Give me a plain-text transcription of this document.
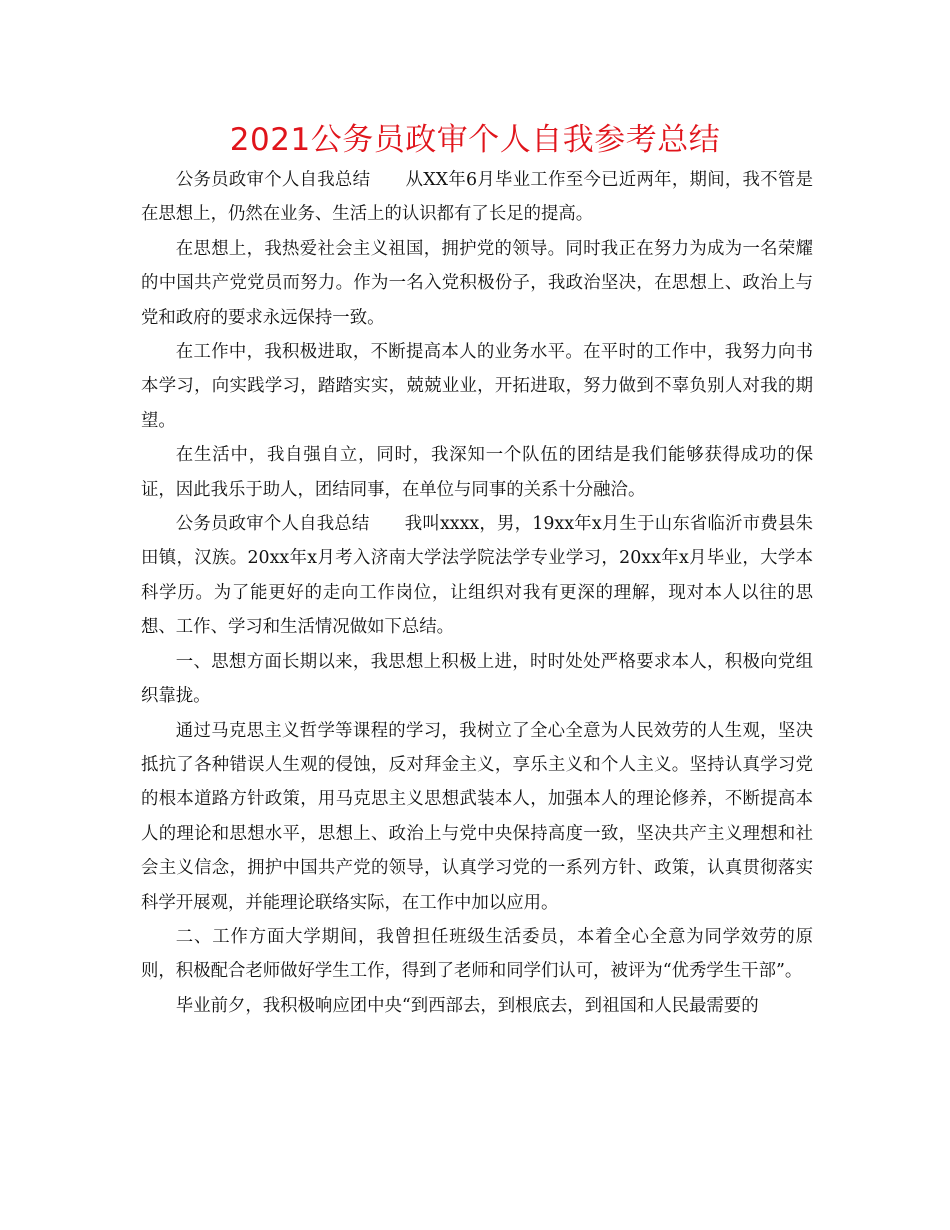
2021公务员政审个人自我参考总结

公务员政审个人自我总结　　从XX年6月毕业工作至今已近两年，期间，我不管是在思想上，仍然在业务、生活上的认识都有了长足的提高。

在思想上，我热爱社会主义祖国，拥护党的领导。同时我正在努力为成为一名荣耀的中国共产党党员而努力。作为一名入党积极份子，我政治坚决，在思想上、政治上与党和政府的要求永远保持一致。

在工作中，我积极进取，不断提高本人的业务水平。在平时的工作中，我努力向书本学习，向实践学习，踏踏实实，兢兢业业，开拓进取，努力做到不辜负别人对我的期望。

在生活中，我自强自立，同时，我深知一个队伍的团结是我们能够获得成功的保证，因此我乐于助人，团结同事，在单位与同事的关系十分融洽。

公务员政审个人自我总结　　我叫xxxx，男，19xx年x月生于山东省临沂市费县朱田镇，汉族。20xx年x月考入济南大学法学院法学专业学习，20xx年x月毕业，大学本科学历。为了能更好的走向工作岗位，让组织对我有更深的理解，现对本人以往的思想、工作、学习和生活情况做如下总结。

一、思想方面长期以来，我思想上积极上进，时时处处严格要求本人，积极向党组织靠拢。

通过马克思主义哲学等课程的学习，我树立了全心全意为人民效劳的人生观，坚决抵抗了各种错误人生观的侵蚀，反对拜金主义，享乐主义和个人主义。坚持认真学习党的根本道路方针政策，用马克思主义思想武装本人，加强本人的理论修养，不断提高本人的理论和思想水平，思想上、政治上与党中央保持高度一致，坚决共产主义理想和社会主义信念，拥护中国共产党的领导，认真学习党的一系列方针、政策，认真贯彻落实科学开展观，并能理论联络实际，在工作中加以应用。

二、工作方面大学期间，我曾担任班级生活委员，本着全心全意为同学效劳的原则，积极配合老师做好学生工作，得到了老师和同学们认可，被评为“优秀学生干部”。

毕业前夕，我积极响应团中央“到西部去，到根底去，到祖国和人民最需要的
